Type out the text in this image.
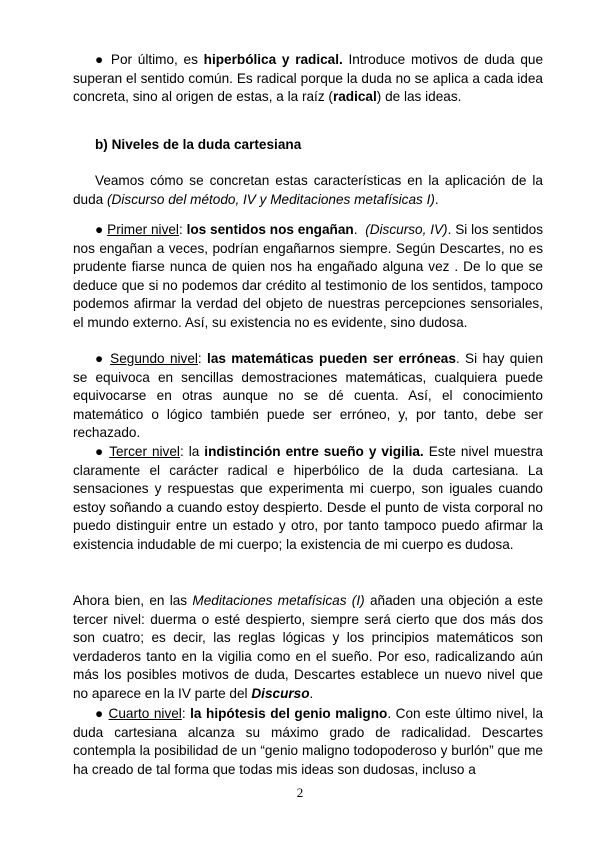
● Por último, es hiperbólica y radical. Introduce motivos de duda que superan el sentido común. Es radical porque la duda no se aplica a cada idea concreta, sino al origen de estas, a la raíz (radical) de las ideas.

b) Niveles de la duda cartesiana

Veamos cómo se concretan estas características en la aplicación de la duda (Discurso del método, IV y Meditaciones metafísicas I).

● Primer nivel: los sentidos nos engañan.  (Discurso, IV). Si los sentidos nos engañan a veces, podrían engañarnos siempre. Según Descartes, no es prudente fiarse nunca de quien nos ha engañado alguna vez . De lo que se deduce que si no podemos dar crédito al testimonio de los sentidos, tampoco podemos afirmar la verdad del objeto de nuestras percepciones sensoriales, el mundo externo. Así, su existencia no es evidente, sino dudosa.

● Segundo nivel: las matemáticas pueden ser erróneas. Si hay quien se equivoca en sencillas demostraciones matemáticas, cualquiera puede equivocarse en otras aunque no se dé cuenta. Así, el conocimiento matemático o lógico también puede ser erróneo, y, por tanto, debe ser rechazado.

● Tercer nivel: la indistinción entre sueño y vigilia. Este nivel muestra claramente el carácter radical e hiperbólico de la duda cartesiana. La sensaciones y respuestas que experimenta mi cuerpo, son iguales cuando estoy soñando a cuando estoy despierto. Desde el punto de vista corporal no puedo distinguir entre un estado y otro, por tanto tampoco puedo afirmar la existencia indudable de mi cuerpo; la existencia de mi cuerpo es dudosa.

Ahora bien, en las Meditaciones metafísicas (I) añaden una objeción a este tercer nivel: duerma o esté despierto, siempre será cierto que dos más dos son cuatro; es decir, las reglas lógicas y los principios matemáticos son verdaderos tanto en la vigilia como en el sueño. Por eso, radicalizando aún más los posibles motivos de duda, Descartes establece un nuevo nivel que no aparece en la IV parte del Discurso.

● Cuarto nivel: la hipótesis del genio maligno. Con este último nivel, la duda cartesiana alcanza su máximo grado de radicalidad. Descartes contempla la posibilidad de un “genio maligno todopoderoso y burlón” que me ha creado de tal forma que todas mis ideas son dudosas, incluso a

2
